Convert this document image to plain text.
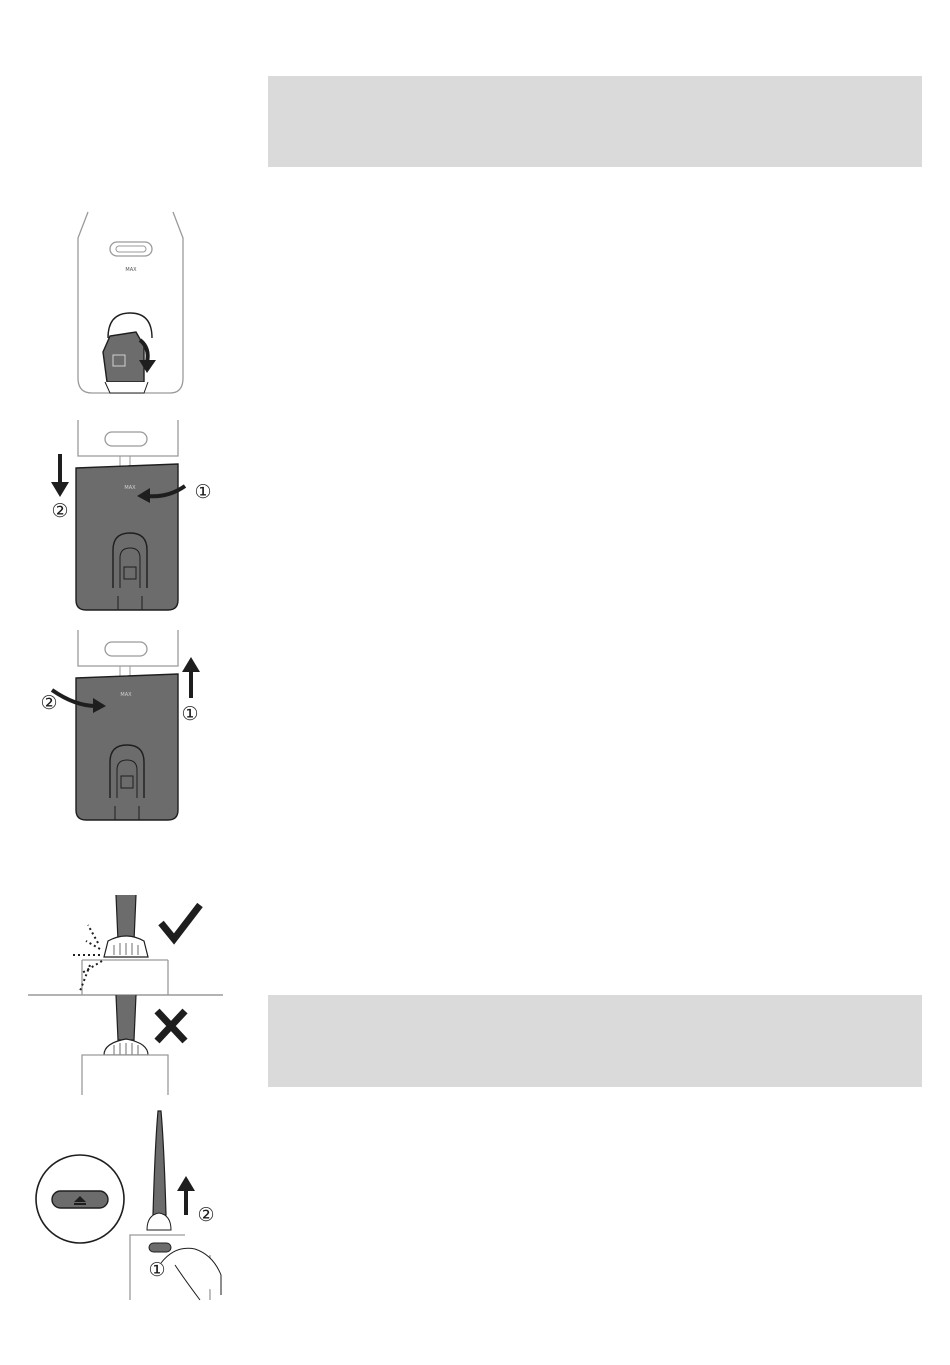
MAX
MAX
②
①
MAX
①
②
②
①
